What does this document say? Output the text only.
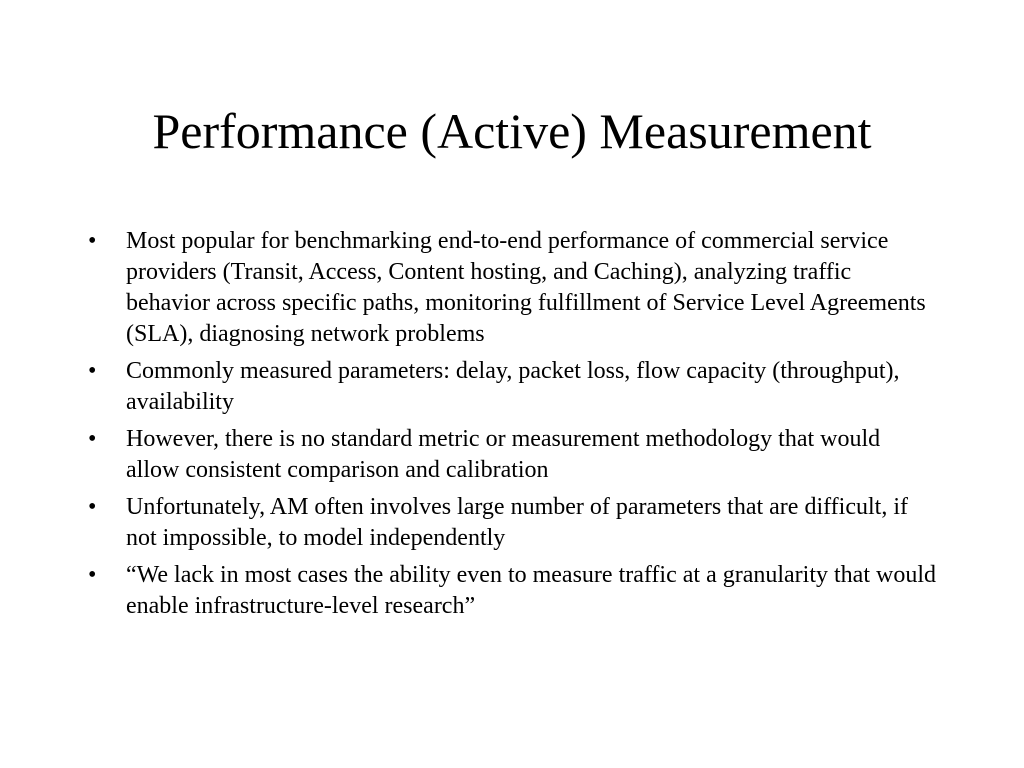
Performance (Active) Measurement
• Most popular for benchmarking end-to-end performance of commercial service providers (Transit, Access, Content hosting, and Caching), analyzing traffic behavior across specific paths, monitoring fulfillment of Service Level Agreements (SLA), diagnosing network problems
• Commonly measured parameters: delay, packet loss, flow capacity (throughput), availability
• However, there is no standard metric or measurement methodology that would allow consistent comparison and calibration
• Unfortunately, AM often involves large number of parameters that are difficult, if not impossible, to model independently
• “We lack in most cases the ability even to measure traffic at a granularity that would enable infrastructure-level research”
